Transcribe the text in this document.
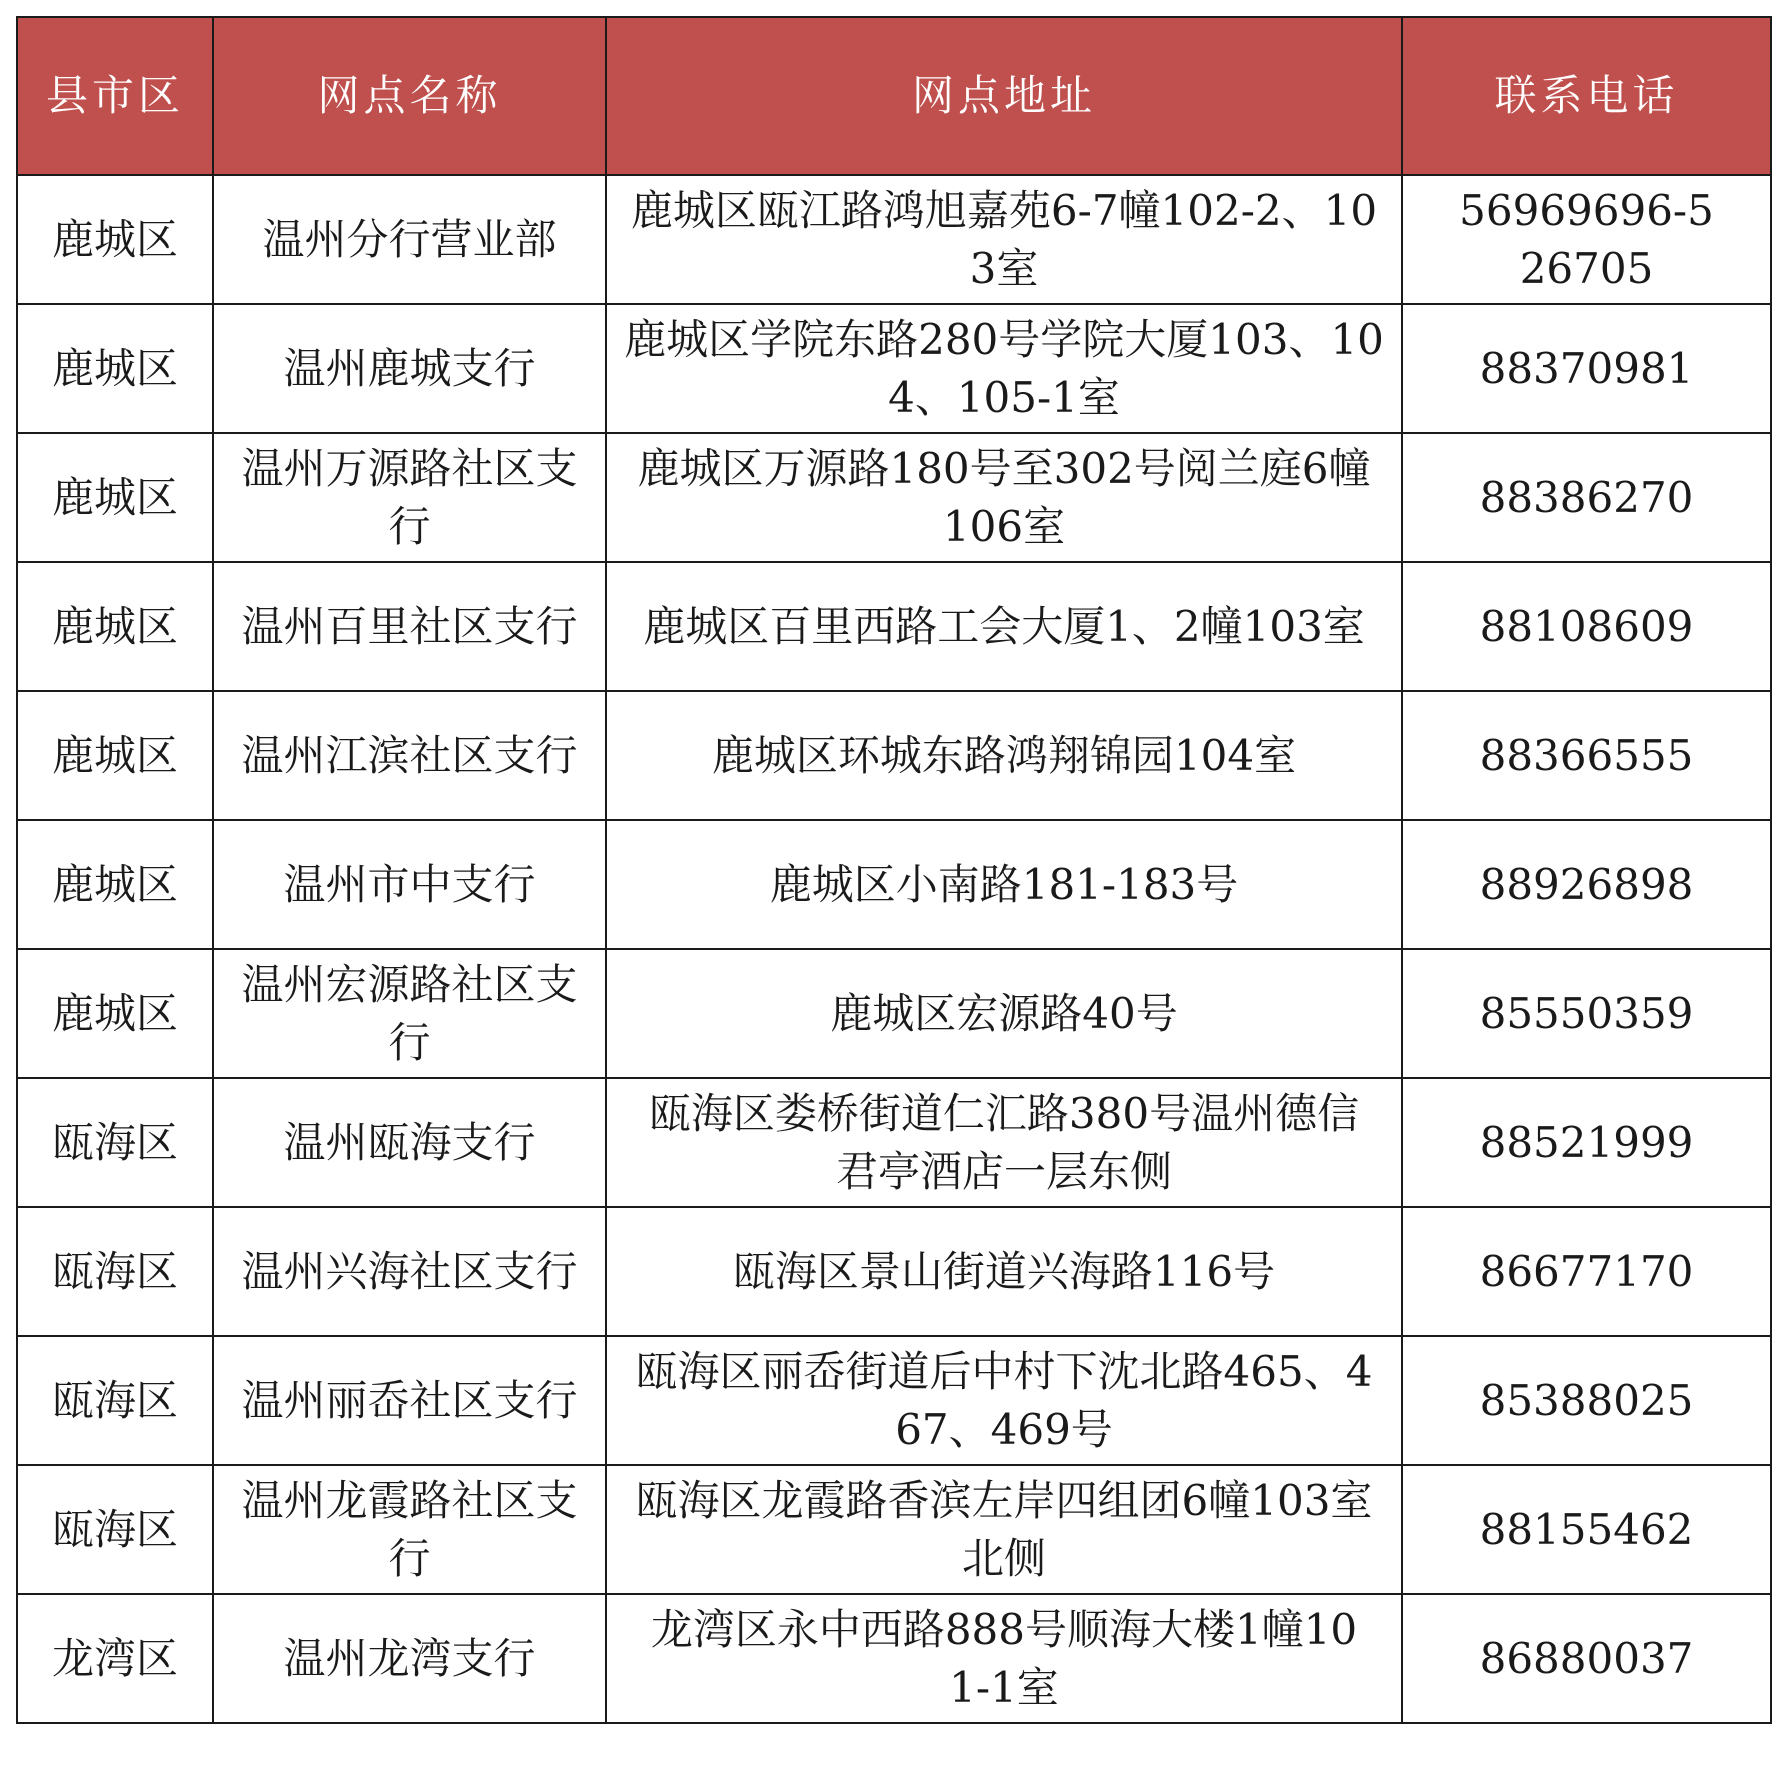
县市区	网点名称	网点地址	联系电话
鹿城区	温州分行营业部	鹿城区瓯江路鸿旭嘉苑6-7幢102-2、103室	56969696-526705
鹿城区	温州鹿城支行	鹿城区学院东路280号学院大厦103、104、105-1室	88370981
鹿城区	温州万源路社区支行	鹿城区万源路180号至302号阅兰庭6幢106室	88386270
鹿城区	温州百里社区支行	鹿城区百里西路工会大厦1、2幢103室	88108609
鹿城区	温州江滨社区支行	鹿城区环城东路鸿翔锦园104室	88366555
鹿城区	温州市中支行	鹿城区小南路181-183号	88926898
鹿城区	温州宏源路社区支行	鹿城区宏源路40号	85550359
瓯海区	温州瓯海支行	瓯海区娄桥街道仁汇路380号温州德信君亭酒店一层东侧	88521999
瓯海区	温州兴海社区支行	瓯海区景山街道兴海路116号	86677170
瓯海区	温州丽岙社区支行	瓯海区丽岙街道后中村下沈北路465、467、469号	85388025
瓯海区	温州龙霞路社区支行	瓯海区龙霞路香滨左岸四组团6幢103室北侧	88155462
龙湾区	温州龙湾支行	龙湾区永中西路888号顺海大楼1幢101-1室	86880037
